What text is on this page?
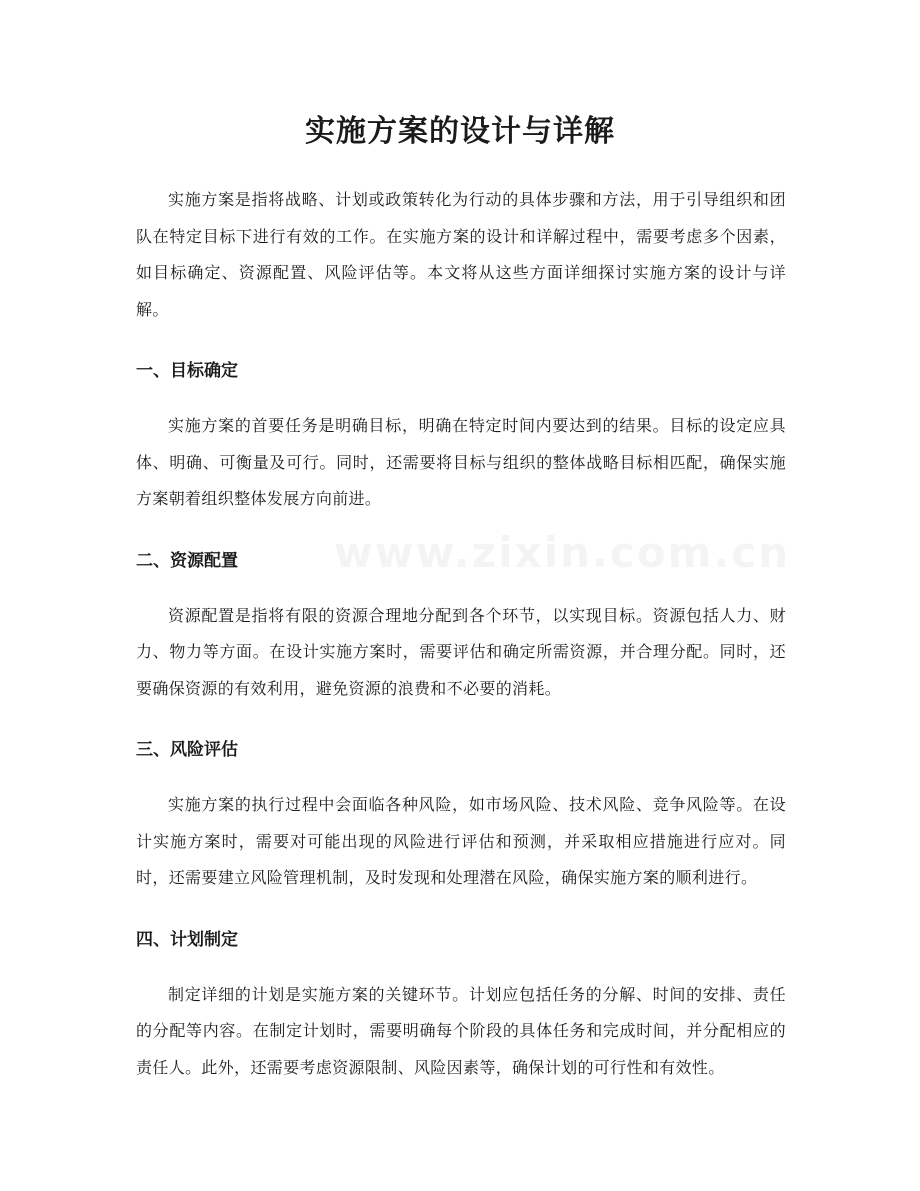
实施方案的设计与详解

实施方案是指将战略、计划或政策转化为行动的具体步骤和方法，用于引导组织和团队在特定目标下进行有效的工作。在实施方案的设计和详解过程中，需要考虑多个因素，如目标确定、资源配置、风险评估等。本文将从这些方面详细探讨实施方案的设计与详解。

一、目标确定

实施方案的首要任务是明确目标，明确在特定时间内要达到的结果。目标的设定应具体、明确、可衡量及可行。同时，还需要将目标与组织的整体战略目标相匹配，确保实施方案朝着组织整体发展方向前进。

二、资源配置

资源配置是指将有限的资源合理地分配到各个环节，以实现目标。资源包括人力、财力、物力等方面。在设计实施方案时，需要评估和确定所需资源，并合理分配。同时，还要确保资源的有效利用，避免资源的浪费和不必要的消耗。

三、风险评估

实施方案的执行过程中会面临各种风险，如市场风险、技术风险、竞争风险等。在设计实施方案时，需要对可能出现的风险进行评估和预测，并采取相应措施进行应对。同时，还需要建立风险管理机制，及时发现和处理潜在风险，确保实施方案的顺利进行。

四、计划制定

制定详细的计划是实施方案的关键环节。计划应包括任务的分解、时间的安排、责任的分配等内容。在制定计划时，需要明确每个阶段的具体任务和完成时间，并分配相应的责任人。此外，还需要考虑资源限制、风险因素等，确保计划的可行性和有效性。
